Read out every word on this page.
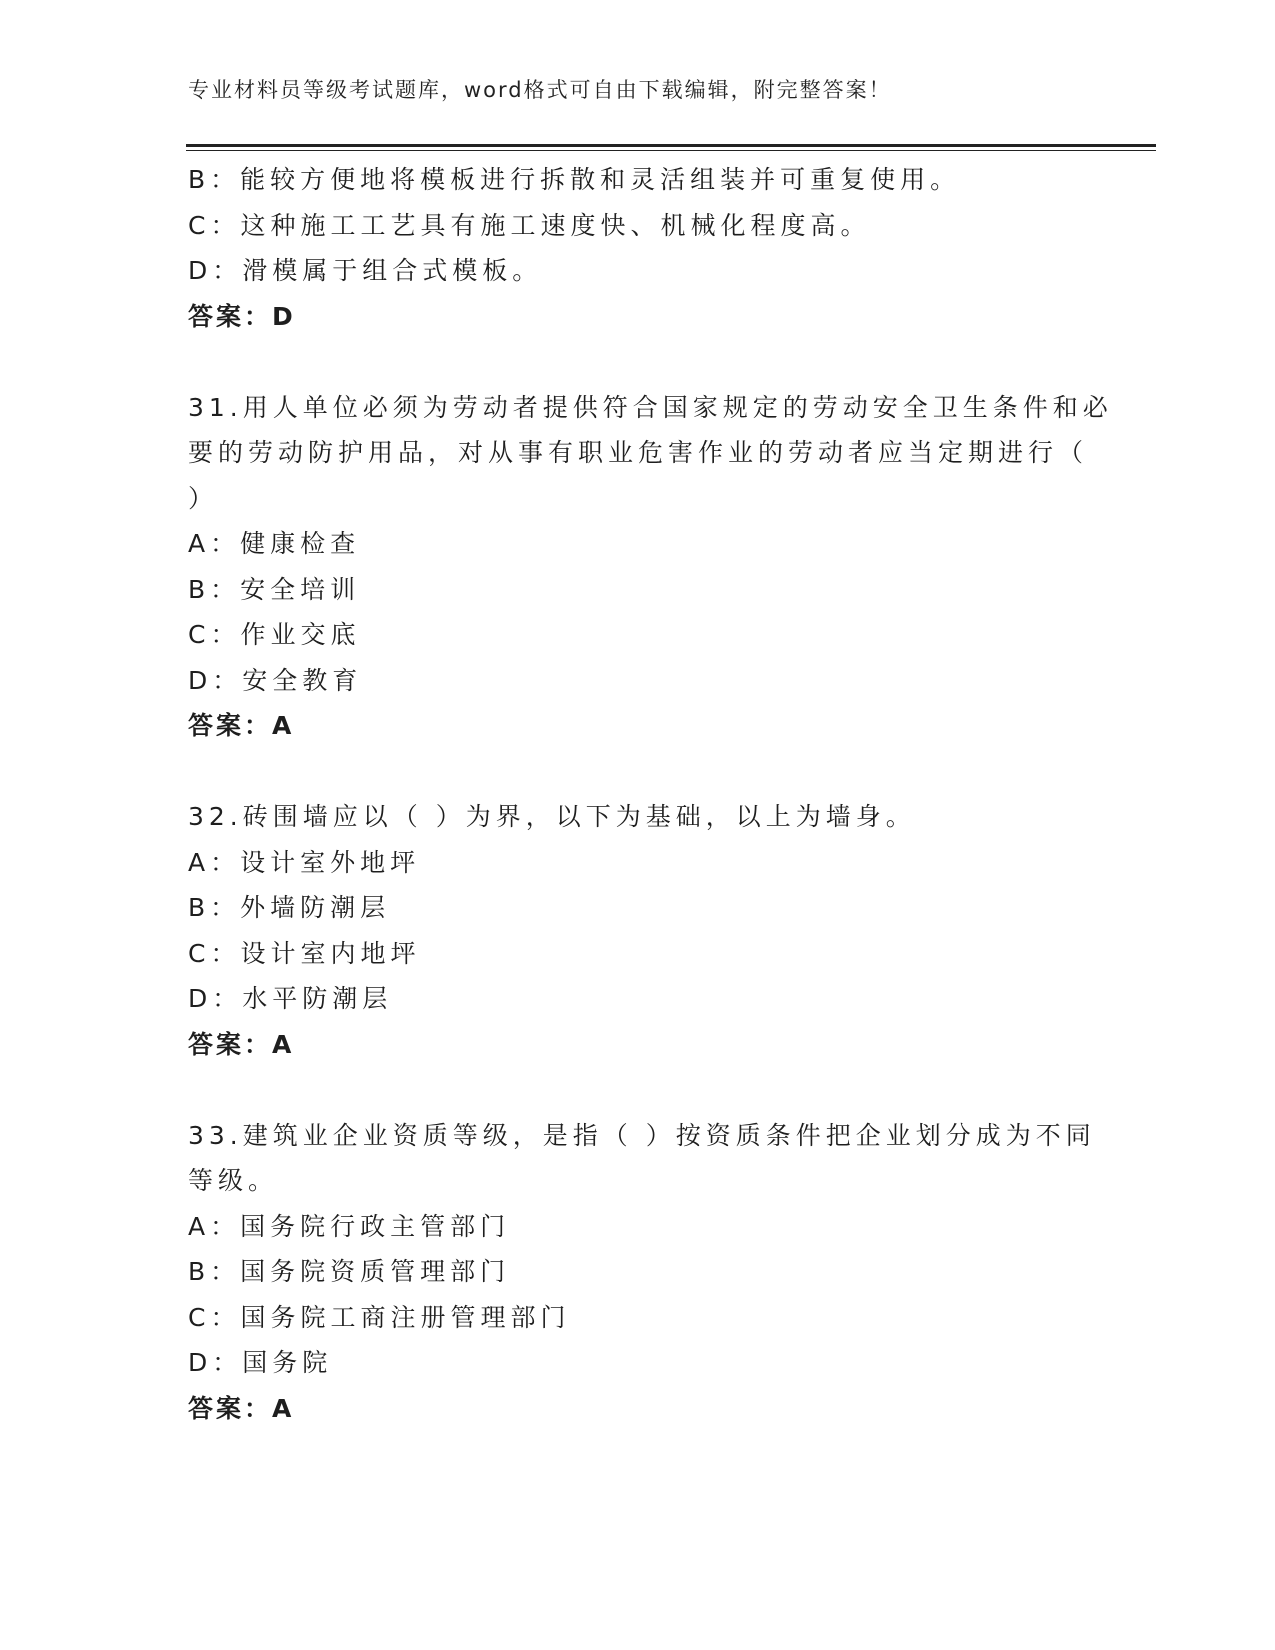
专业材料员等级考试题库，word格式可自由下载编辑，附完整答案！
B：能较方便地将模板进行拆散和灵活组装并可重复使用。
C：这种施工工艺具有施工速度快、机械化程度高。
D：滑模属于组合式模板。
答案：D
31.用人单位必须为劳动者提供符合国家规定的劳动安全卫生条件和必
要的劳动防护用品，对从事有职业危害作业的劳动者应当定期进行（
）
A：健康检查
B：安全培训
C：作业交底
D：安全教育
答案：A
32.砖围墙应以（ ）为界，以下为基础，以上为墙身。
A：设计室外地坪
B：外墙防潮层
C：设计室内地坪
D：水平防潮层
答案：A
33.建筑业企业资质等级，是指（ ）按资质条件把企业划分成为不同
等级。
A：国务院行政主管部门
B：国务院资质管理部门
C：国务院工商注册管理部门
D：国务院
答案：A
